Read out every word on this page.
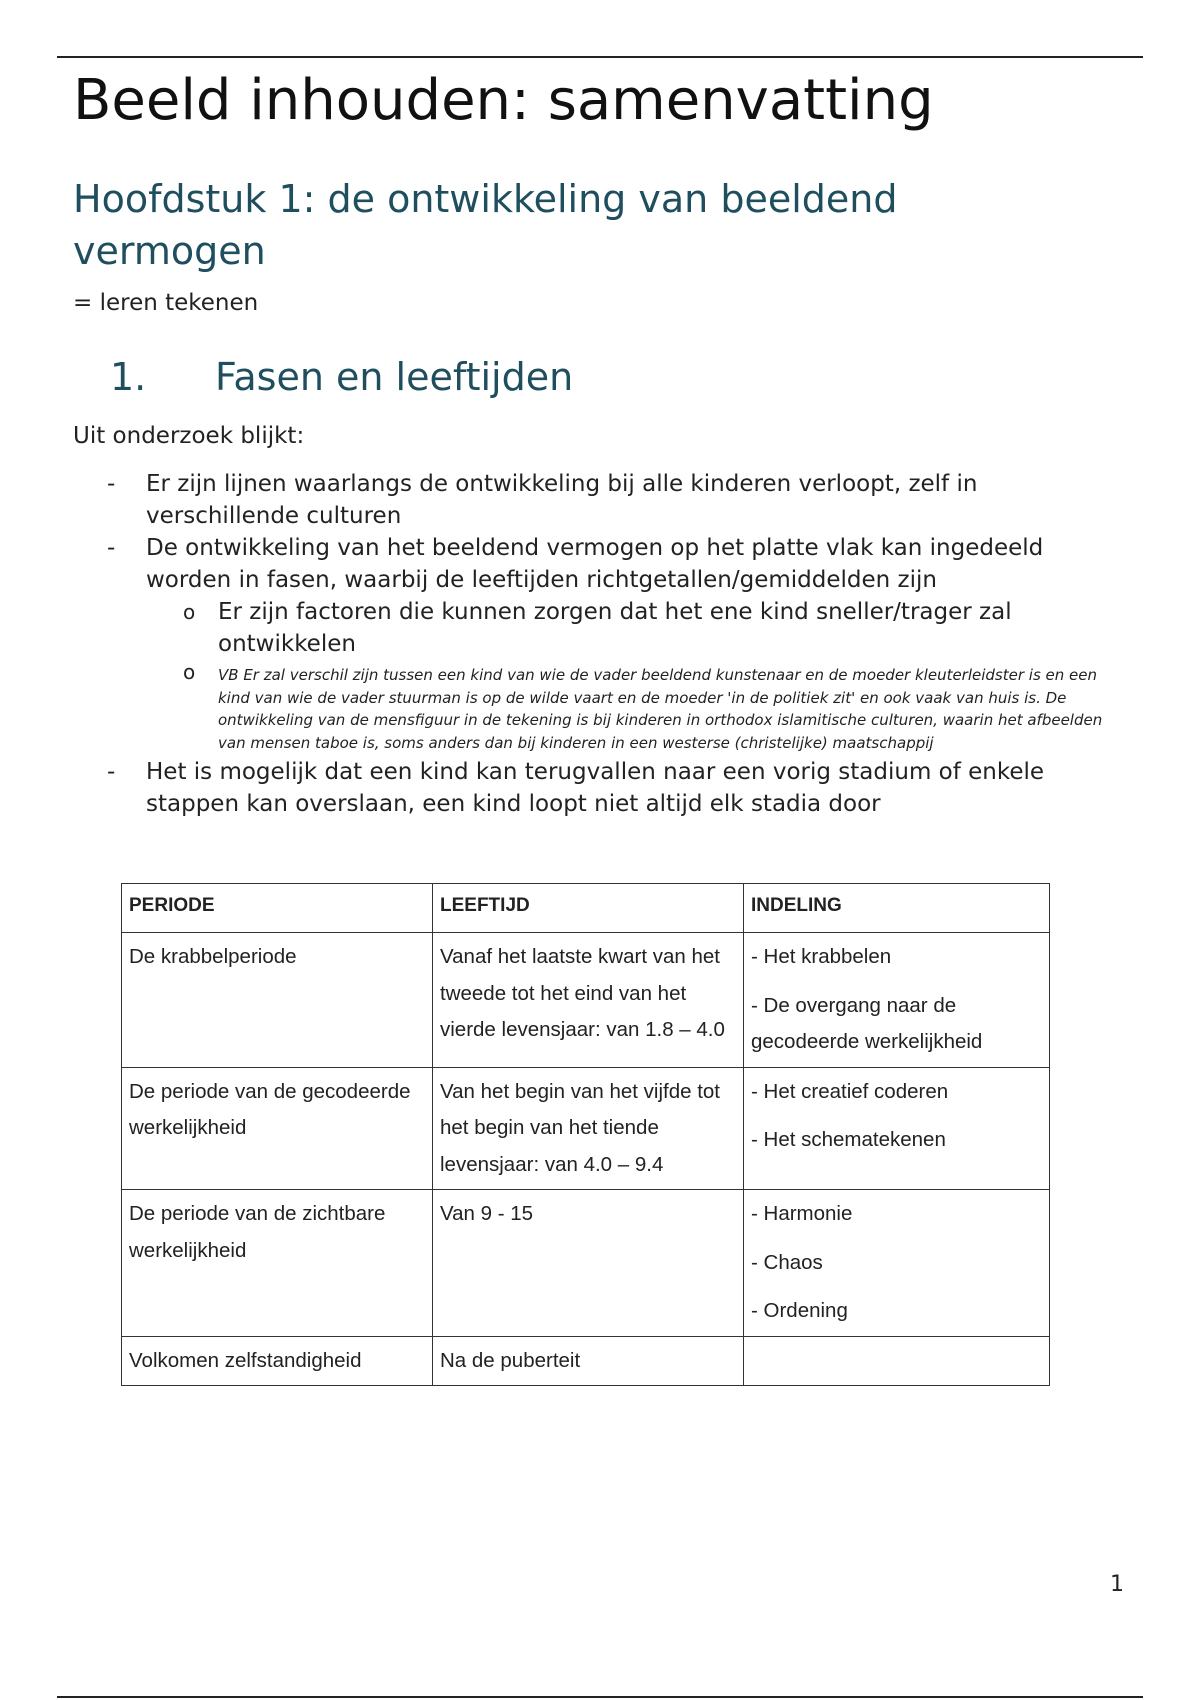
Beeld inhouden: samenvatting
Hoofdstuk 1: de ontwikkeling van beeldend vermogen
= leren tekenen
1. Fasen en leeftijden
Uit onderzoek blijkt:
- Er zijn lijnen waarlangs de ontwikkeling bij alle kinderen verloopt, zelf in verschillende culturen
- De ontwikkeling van het beeldend vermogen op het platte vlak kan ingedeeld worden in fasen, waarbij de leeftijden richtgetallen/gemiddelden zijn
o Er zijn factoren die kunnen zorgen dat het ene kind sneller/trager zal ontwikkelen
o VB Er zal verschil zijn tussen een kind van wie de vader beeldend kunstenaar en de moeder kleuterleidster is en een kind van wie de vader stuurman is op de wilde vaart en de moeder 'in de politiek zit' en ook vaak van huis is. De ontwikkeling van de mensfiguur in de tekening is bij kinderen in orthodox islamitische culturen, waarin het afbeelden van mensen taboe is, soms anders dan bij kinderen in een westerse (christelijke) maatschappij
- Het is mogelijk dat een kind kan terugvallen naar een vorig stadium of enkele stappen kan overslaan, een kind loopt niet altijd elk stadia door
PERIODE	LEEFTIJD	INDELING
De krabbelperiode	Vanaf het laatste kwart van het tweede tot het eind van het vierde levensjaar: van 1.8 – 4.0	- Het krabbelen
- De overgang naar de gecodeerde werkelijkheid

De periode van de gecodeerde werkelijkheid	Van het begin van het vijfde tot het begin van het tiende levensjaar: van 4.0 – 9.4	- Het creatief coderen
- Het schematekenen

De periode van de zichtbare werkelijkheid	Van 9 - 15	- Harmonie
- Chaos
- Ordening

Volkomen zelfstandigheid	Na de puberteit	
1
